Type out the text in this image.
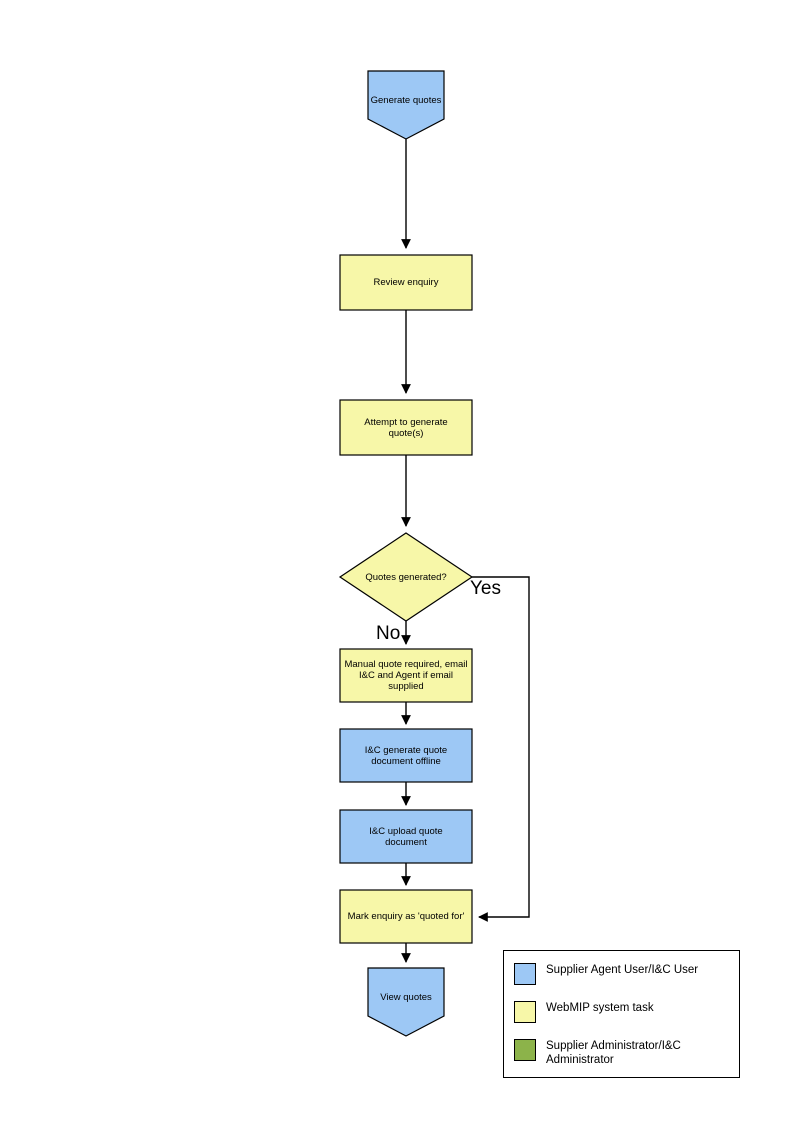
Generate quotes
Review enquiry
Attempt to generate quote(s)
Quotes generated?
Manual quote required, email I&C and Agent if email supplied
I&C generate quote document offline
I&C upload quote document
Mark enquiry as 'quoted for'
View quotes
Yes
No
Supplier Agent User/I&C User
WebMIP system task
Supplier Administrator/I&C Administrator
